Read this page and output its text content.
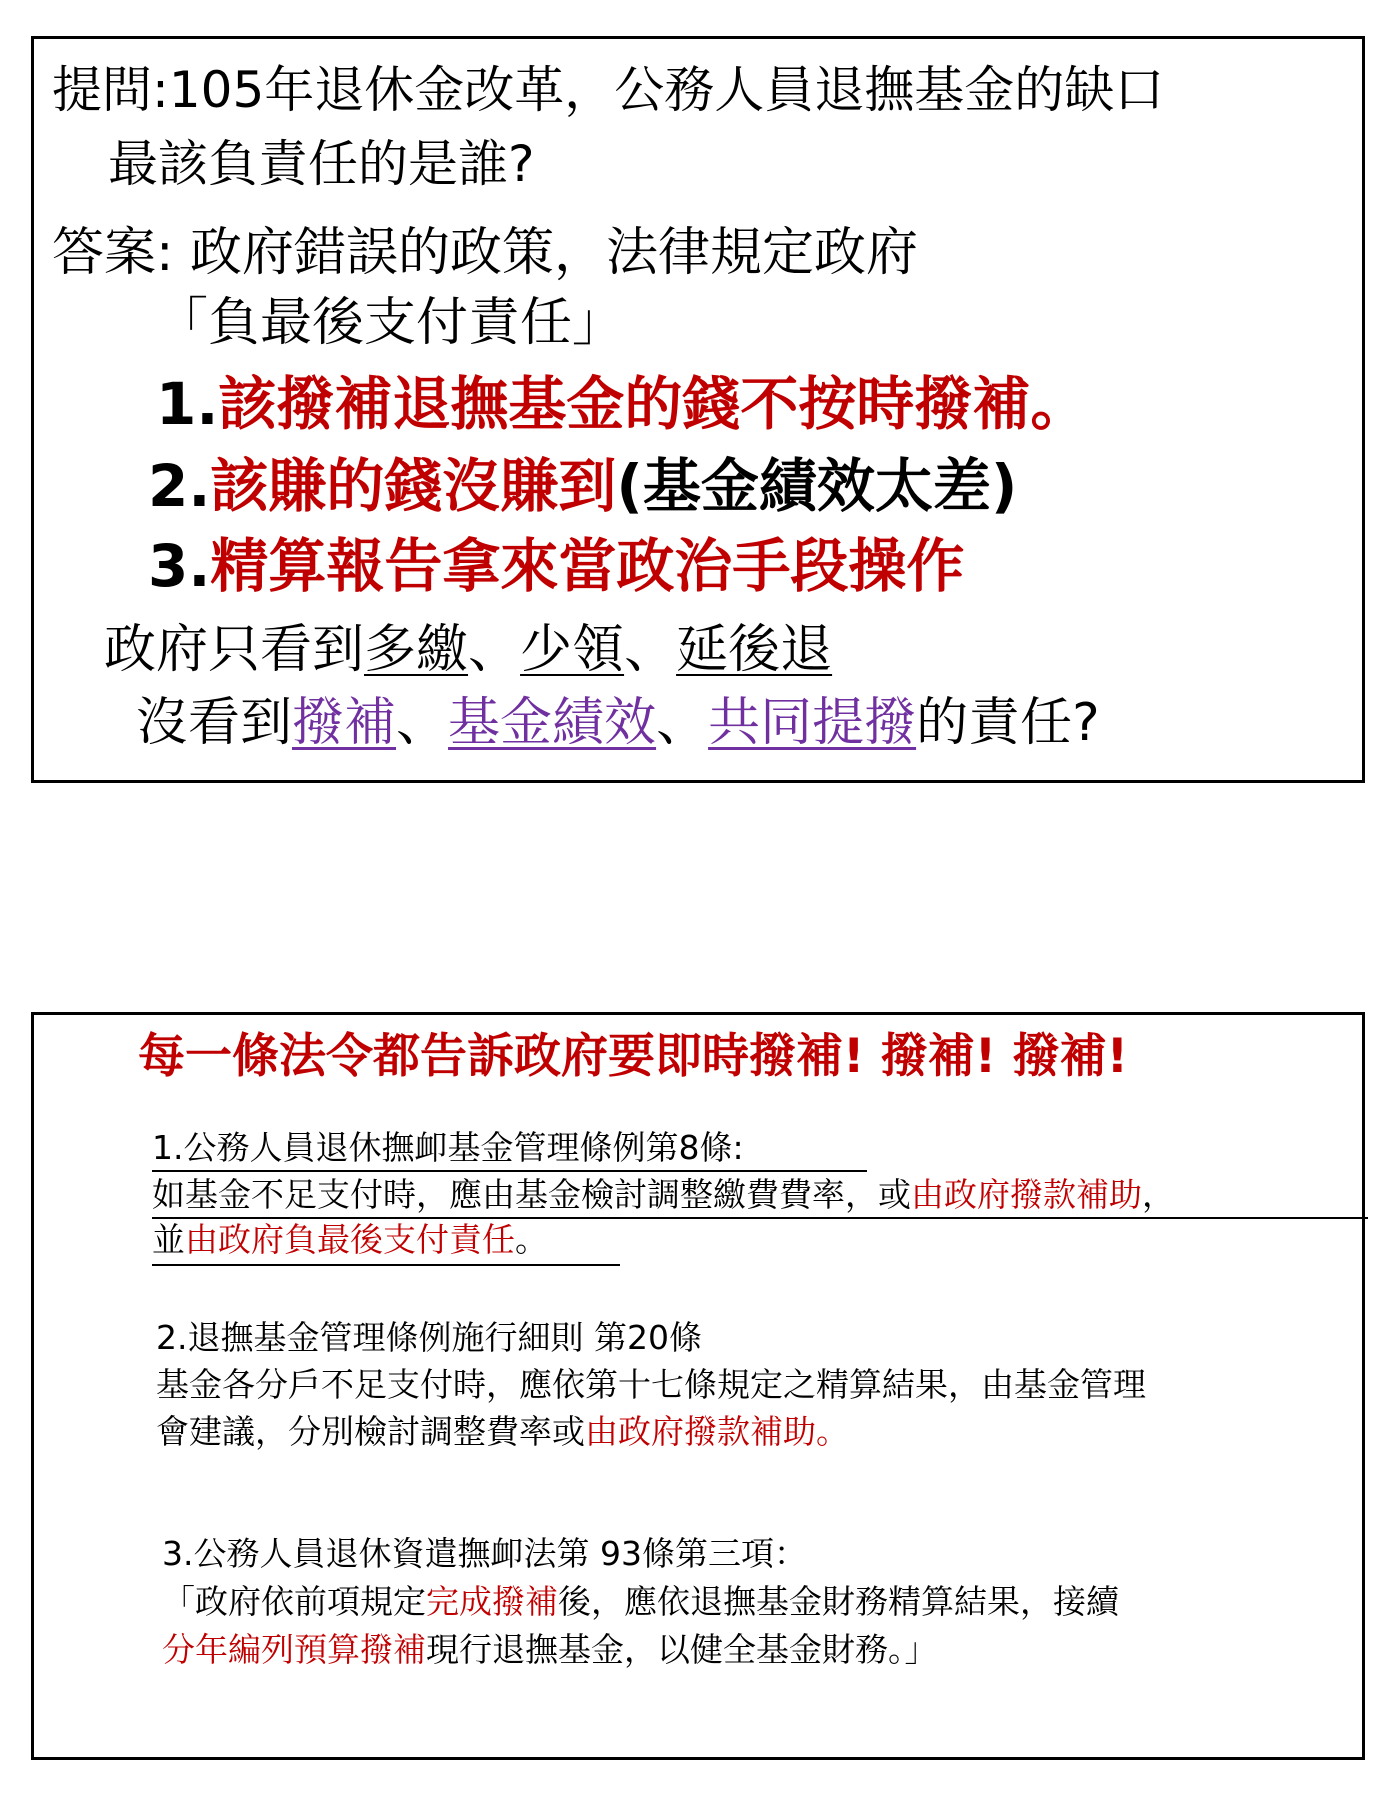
提問:105年退休金改革，公務人員退撫基金的缺口
最該負責任的是誰?
答案: 政府錯誤的政策，法律規定政府
「負最後支付責任」
1.該撥補退撫基金的錢不按時撥補。
2.該賺的錢沒賺到(基金績效太差)
3.精算報告拿來當政治手段操作
政府只看到多繳、少領、延後退
沒看到撥補、基金績效、共同提撥的責任?
每一條法令都告訴政府要即時撥補! 撥補! 撥補!
1.公務人員退休撫卹基金管理條例第8條:
如基金不足支付時，應由基金檢討調整繳費費率，或由政府撥款補助，
並由政府負最後支付責任。
2.退撫基金管理條例施行細則 第20條
基金各分戶不足支付時，應依第十七條規定之精算結果，由基金管理
會建議，分別檢討調整費率或由政府撥款補助。
3.公務人員退休資遣撫卹法第 93條第三項：
「政府依前項規定完成撥補後，應依退撫基金財務精算結果，接續
分年編列預算撥補現行退撫基金，以健全基金財務。」
